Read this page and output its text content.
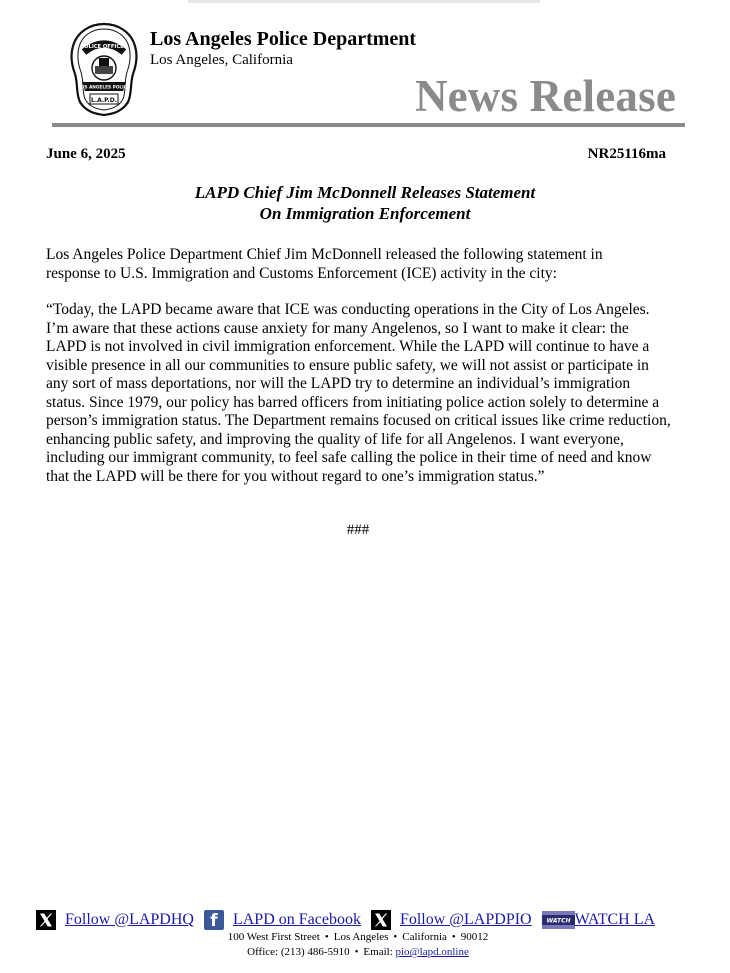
POLICE OFFICER
LOS ANGELES POLICE
L.A.P.D.
Los Angeles Police Department
Los Angeles, California
News Release
June 6, 2025	NR25116ma
LAPD Chief Jim McDonnell Releases Statement
On Immigration Enforcement
Los Angeles Police Department Chief Jim McDonnell released the following statement in response to U.S. Immigration and Customs Enforcement (ICE) activity in the city:
“Today, the LAPD became aware that ICE was conducting operations in the City of Los Angeles. I’m aware that these actions cause anxiety for many Angelenos, so I want to make it clear: the LAPD is not involved in civil immigration enforcement. While the LAPD will continue to have a visible presence in all our communities to ensure public safety, we will not assist or participate in any sort of mass deportations, nor will the LAPD try to determine an individual’s immigration status. Since 1979, our policy has barred officers from initiating police action solely to determine a person’s immigration status. The Department remains focused on critical issues like crime reduction, enhancing public safety, and improving the quality of life for all Angelenos. I want everyone, including our immigrant community, to feel safe calling the police in their time of need and know that the LAPD will be there for you without regard to one’s immigration status.”
###
Follow @LAPDHQ f LAPD on Facebook Follow @LAPDPIO WATCH WATCH LA
100 West First Street • Los Angeles • California • 90012
Office: (213) 486-5910 • Email: pio@lapd.online
